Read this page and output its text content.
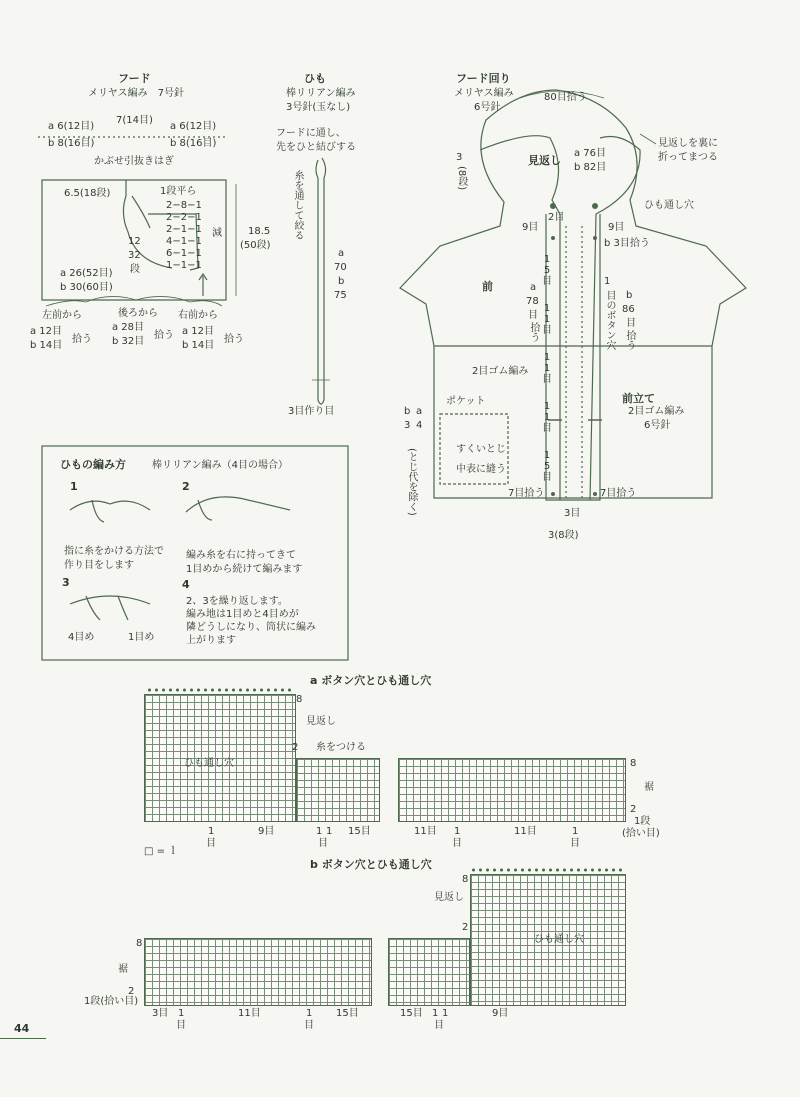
フード
メリヤス編み　7号針
a 6(12目)
b 8(16目)
7(14目)
a 6(12目)
b 8(16目)
かぶせ引抜きはぎ
6.5(18段)	1段平ら
2−8−1
2−2−1
2−1−1
4−1−1
6−1−1
1−1−1
減
12
32
段
18.5
(50段)
a 26(52目)
b 30(60目)
左前から	後ろから 右前から
a 12目
b 14目
拾う
a 28目
b 32目
拾う a 12目
b 14目
拾う
ひも
棒リリアン編み
3号針(玉なし)
フードに通し、
先をひと結びする
糸を通して絞る
a
70
b
75
3目作り目
フード回り
メリヤス編み
6号針
80目拾う
見返し
a 76目
b 82目
見返しを裏に
折ってまつる
3
(8段)
ひも通し穴
9目
2目
9目
b 3目拾う
前	a
78
目
拾う
b
86
目
拾う
1
目のボタン穴
2目ゴム編み
前立て
2目ゴム編み
6号針
ポケット
すくいとじ
中表に縫う
b a
3 4
(とじ代を除く)	7目拾う	7目拾う
3目
3(8段)
1
5
目
1
1
目
1
1
目
1
1
目
1
5
目
ひもの編み方	棒リリアン編み（4目の場合）
1
指に糸をかける方法で
作り目をします
2
編み糸を右に持ってきて
1目めから続けて編みます
3
4目め	1目め
4
2、3を繰り返します。
編み地は1目めと4目めが
隣どうしになり、筒状に編み
上がります
a ボタン穴とひも通し穴
8
見返し
2 糸をつける
ひも通し穴
裾
8
2
1段
(拾い目)
1
目
9目	1 1
目
15目	11目 1
目
11目	1
目
□ = ｌ
b ボタン穴とひも通し穴
見返し
8
2
ひも通し穴
8
裾
2
1段(拾い目)
3目 1
目
11目	1
目
15目	15目 1 1
目
9目
44
